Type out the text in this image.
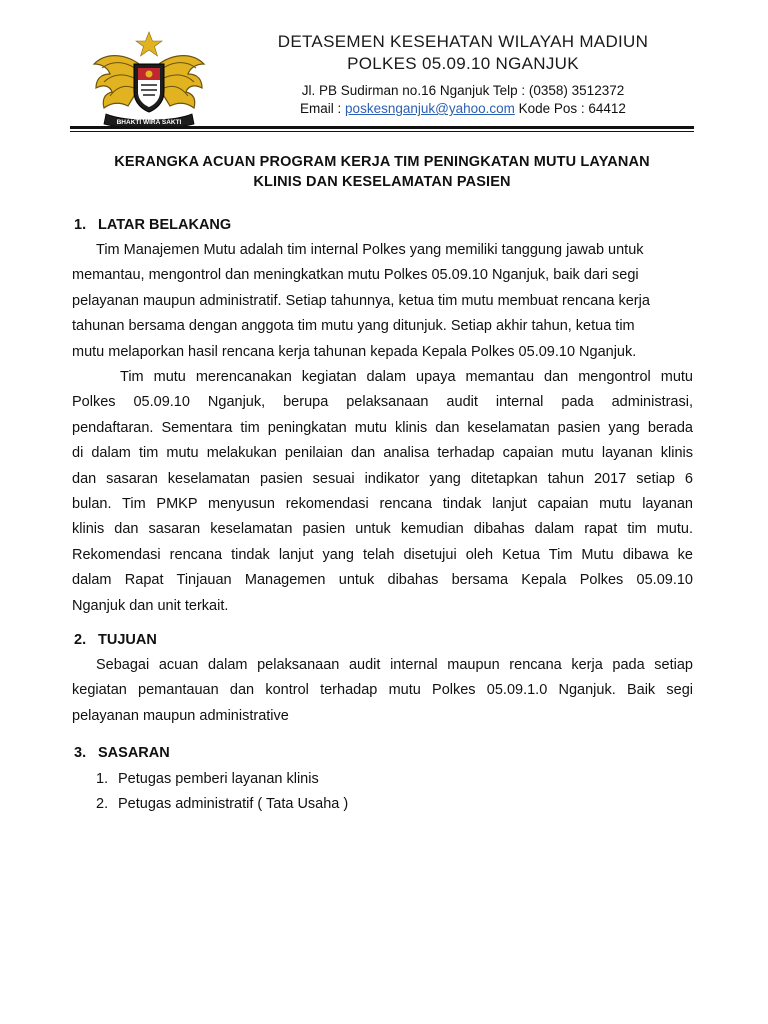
BHAKTI WIRA SAKTI
DETASEMEN KESEHATAN WILAYAH MADIUN
POLKES 05.09.10 NGANJUK
Jl. PB Sudirman no.16 Nganjuk Telp : (0358) 3512372
Email : poskesnganjuk@yahoo.com Kode Pos : 64412
KERANGKA ACUAN PROGRAM KERJA TIM PENINGKATAN MUTU LAYANAN
KLINIS DAN KESELAMATAN PASIEN
1. LATAR BELAKANG
Tim Manajemen Mutu adalah tim internal Polkes yang memiliki tanggung jawab untuk
memantau, mengontrol dan meningkatkan mutu Polkes 05.09.10 Nganjuk, baik dari segi
pelayanan maupun administratif. Setiap tahunnya, ketua tim mutu membuat rencana kerja
tahunan bersama dengan anggota tim mutu yang ditunjuk. Setiap akhir tahun, ketua tim
mutu melaporkan hasil rencana kerja tahunan kepada Kepala Polkes 05.09.10 Nganjuk.
Tim mutu merencanakan kegiatan dalam upaya memantau dan mengontrol mutu
Polkes 05.09.10 Nganjuk, berupa pelaksanaan audit internal pada administrasi,
pendaftaran. Sementara tim peningkatan mutu klinis dan keselamatan pasien yang berada
di dalam tim mutu melakukan penilaian dan analisa terhadap capaian mutu layanan klinis
dan sasaran keselamatan pasien sesuai indikator yang ditetapkan tahun 2017 setiap 6
bulan. Tim PMKP menyusun rekomendasi rencana tindak lanjut capaian mutu layanan
klinis dan sasaran keselamatan pasien untuk kemudian dibahas dalam rapat tim mutu.
Rekomendasi rencana tindak lanjut yang telah disetujui oleh Ketua Tim Mutu dibawa ke
dalam Rapat Tinjauan Managemen untuk dibahas bersama Kepala Polkes 05.09.10
Nganjuk dan unit terkait.
2. TUJUAN
Sebagai acuan dalam pelaksanaan audit internal maupun rencana kerja pada setiap
kegiatan pemantauan dan kontrol terhadap mutu Polkes 05.09.1.0 Nganjuk. Baik segi
pelayanan maupun administrative
3. SASARAN
1. Petugas pemberi layanan klinis
2. Petugas administratif ( Tata Usaha )
